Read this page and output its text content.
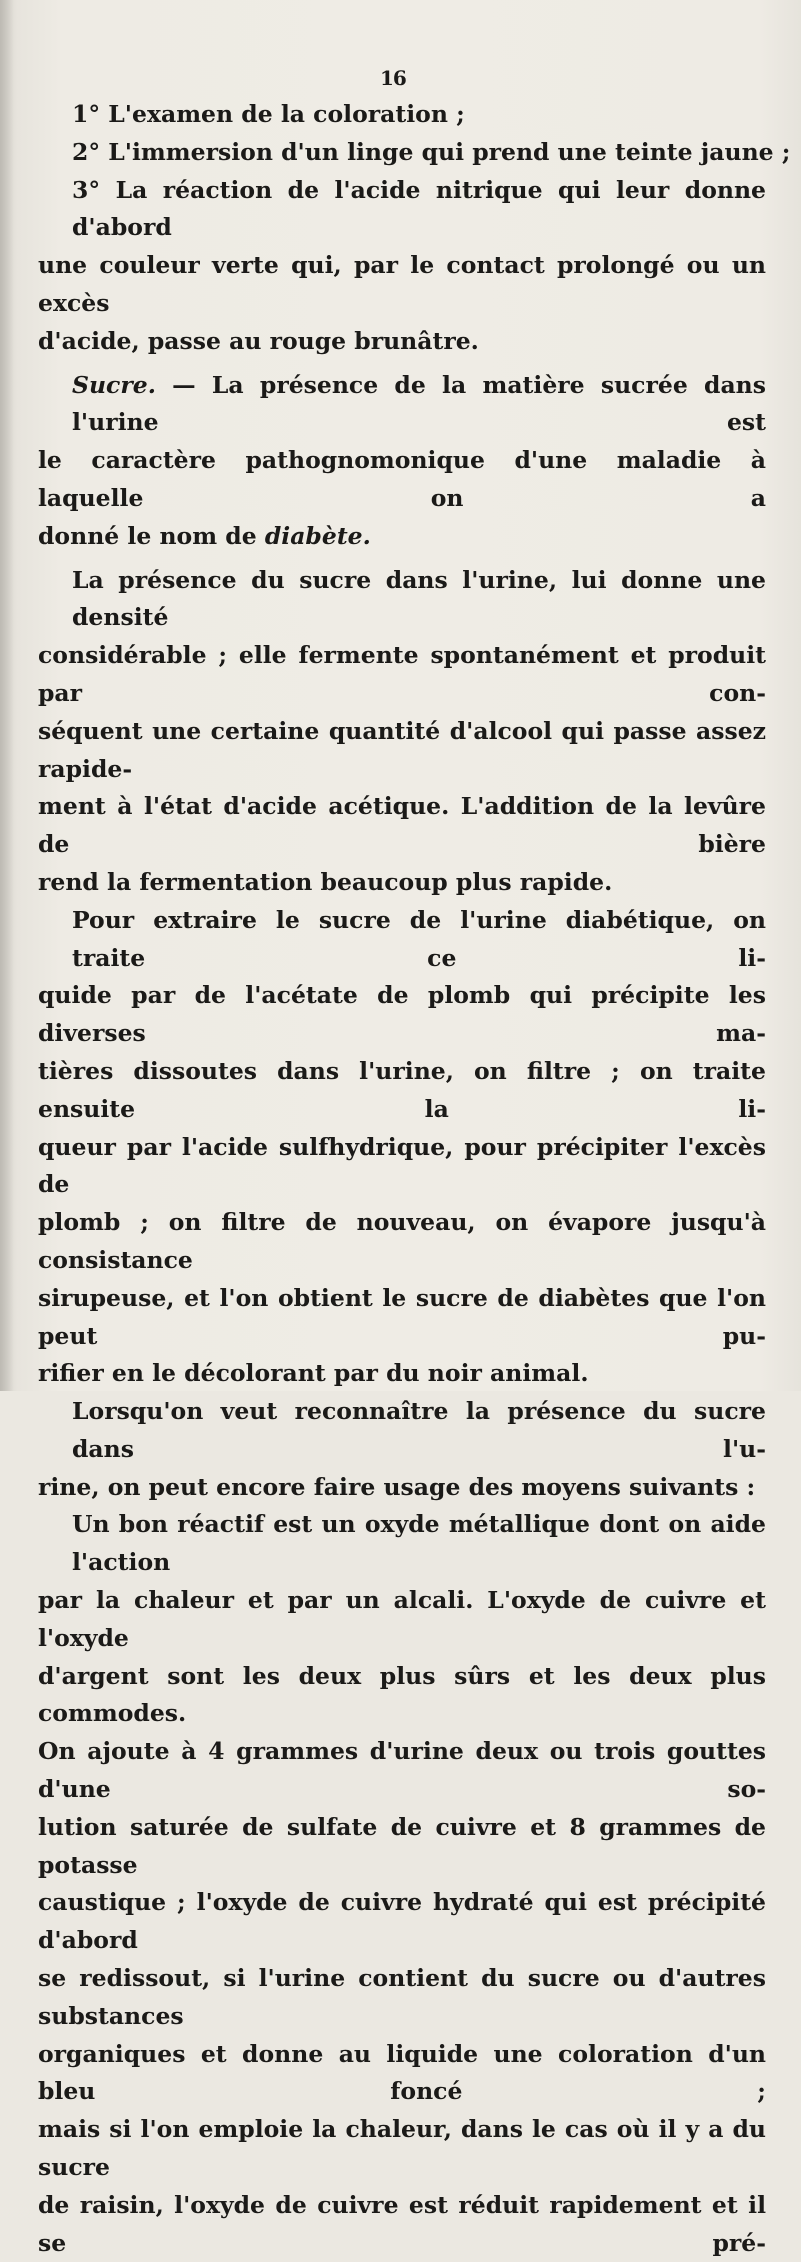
16
1° L'examen de la coloration ;
2° L'immersion d'un linge qui prend une teinte jaune ;
3° La réaction de l'acide nitrique qui leur donne d'abord
une couleur verte qui, par le contact prolongé ou un excès
d'acide, passe au rouge brunâtre.
Sucre. — La présence de la matière sucrée dans l'urine est
le caractère pathognomonique d'une maladie à laquelle on a
donné le nom de diabète.
La présence du sucre dans l'urine, lui donne une densité
considérable ; elle fermente spontanément et produit par con-
séquent une certaine quantité d'alcool qui passe assez rapide-
ment à l'état d'acide acétique. L'addition de la levûre de bière
rend la fermentation beaucoup plus rapide.
Pour extraire le sucre de l'urine diabétique, on traite ce li-
quide par de l'acétate de plomb qui précipite les diverses ma-
tières dissoutes dans l'urine, on filtre ; on traite ensuite la li-
queur par l'acide sulfhydrique, pour précipiter l'excès de
plomb ; on filtre de nouveau, on évapore jusqu'à consistance
sirupeuse, et l'on obtient le sucre de diabètes que l'on peut pu-
rifier en le décolorant par du noir animal.
Lorsqu'on veut reconnaître la présence du sucre dans l'u-
rine, on peut encore faire usage des moyens suivants :
Un bon réactif est un oxyde métallique dont on aide l'action
par la chaleur et par un alcali. L'oxyde de cuivre et l'oxyde
d'argent sont les deux plus sûrs et les deux plus commodes.
On ajoute à 4 grammes d'urine deux ou trois gouttes d'une so-
lution saturée de sulfate de cuivre et 8 grammes de potasse
caustique ; l'oxyde de cuivre hydraté qui est précipité d'abord
se redissout, si l'urine contient du sucre ou d'autres substances
organiques et donne au liquide une coloration d'un bleu foncé ;
mais si l'on emploie la chaleur, dans le cas où il y a du sucre
de raisin, l'oxyde de cuivre est réduit rapidement et il se pré-
